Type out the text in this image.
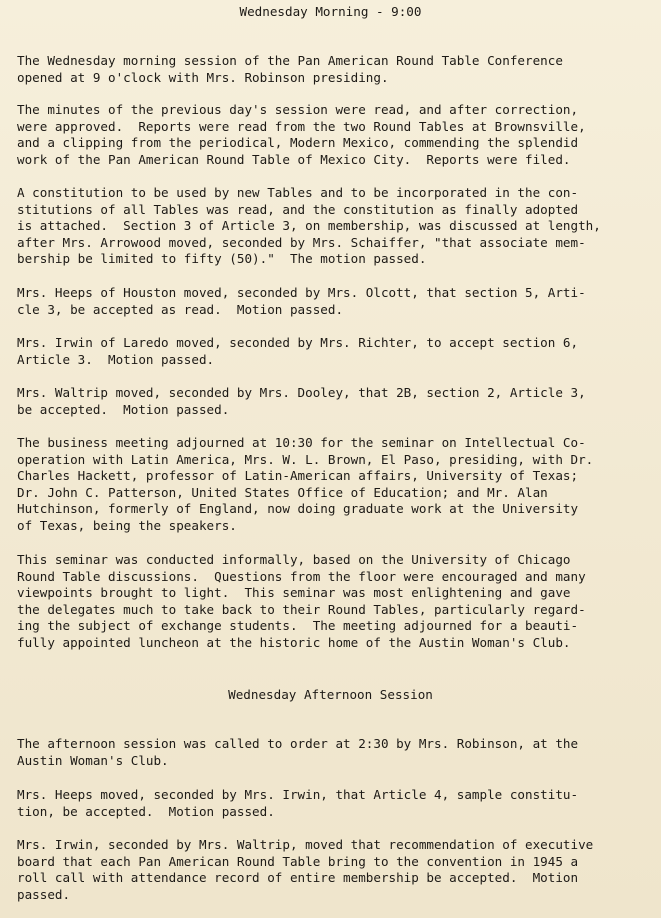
Wednesday Morning - 9:00
The Wednesday morning session of the Pan American Round Table Conference
opened at 9 o'clock with Mrs. Robinson presiding.
The minutes of the previous day's session were read, and after correction,
were approved.  Reports were read from the two Round Tables at Brownsville,
and a clipping from the periodical, Modern Mexico, commending the splendid
work of the Pan American Round Table of Mexico City.  Reports were filed.
A constitution to be used by new Tables and to be incorporated in the con-
stitutions of all Tables was read, and the constitution as finally adopted
is attached.  Section 3 of Article 3, on membership, was discussed at length,
after Mrs. Arrowood moved, seconded by Mrs. Schaiffer, "that associate mem-
bership be limited to fifty (50)."  The motion passed.
Mrs. Heeps of Houston moved, seconded by Mrs. Olcott, that section 5, Arti-
cle 3, be accepted as read.  Motion passed.
Mrs. Irwin of Laredo moved, seconded by Mrs. Richter, to accept section 6,
Article 3.  Motion passed.
Mrs. Waltrip moved, seconded by Mrs. Dooley, that 2B, section 2, Article 3,
be accepted.  Motion passed.
The business meeting adjourned at 10:30 for the seminar on Intellectual Co-
operation with Latin America, Mrs. W. L. Brown, El Paso, presiding, with Dr.
Charles Hackett, professor of Latin-American affairs, University of Texas;
Dr. John C. Patterson, United States Office of Education; and Mr. Alan
Hutchinson, formerly of England, now doing graduate work at the University
of Texas, being the speakers.
This seminar was conducted informally, based on the University of Chicago
Round Table discussions.  Questions from the floor were encouraged and many
viewpoints brought to light.  This seminar was most enlightening and gave
the delegates much to take back to their Round Tables, particularly regard-
ing the subject of exchange students.  The meeting adjourned for a beauti-
fully appointed luncheon at the historic home of the Austin Woman's Club.
Wednesday Afternoon Session
The afternoon session was called to order at 2:30 by Mrs. Robinson, at the
Austin Woman's Club.
Mrs. Heeps moved, seconded by Mrs. Irwin, that Article 4, sample constitu-
tion, be accepted.  Motion passed.
Mrs. Irwin, seconded by Mrs. Waltrip, moved that recommendation of executive
board that each Pan American Round Table bring to the convention in 1945 a
roll call with attendance record of entire membership be accepted.  Motion
passed.
